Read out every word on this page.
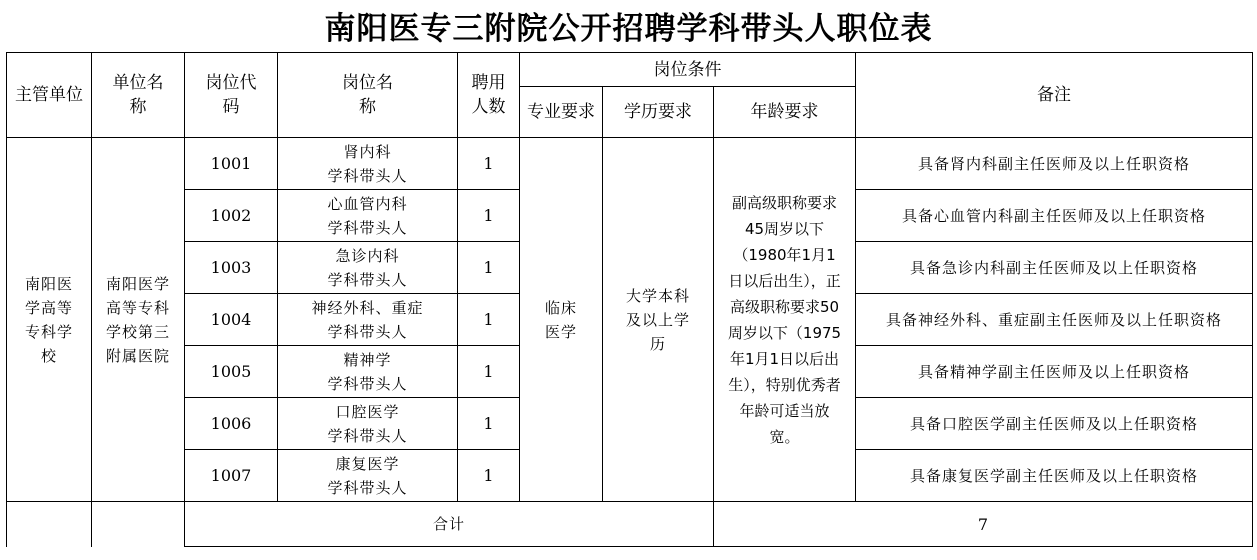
南阳医专三附院公开招聘学科带头人职位表
主管单位	单位名称	岗位代码	岗位名称	聘用人数	岗位条件			备注
					专业要求	学历要求	年龄要求	
南阳医学高等专科学校	南阳医学高等专科学校第三附属医院	1001	肾内科
学科带头人	1	临床医学	大学本科及以上学历	副高级职称要求45周岁以下（1980年1月1日以后出生），正高级职称要求50周岁以下（1975年1月1日以后出生），特别优秀者年龄可适当放宽。	具备肾内科副主任医师及以上任职资格
		1002	心血管内科
学科带头人	1				具备心血管内科副主任医师及以上任职资格
		1003	急诊内科
学科带头人	1				具备急诊内科副主任医师及以上任职资格
		1004	神经外科、重症
学科带头人	1				具备神经外科、重症副主任医师及以上任职资格
		1005	精神学
学科带头人	1				具备精神学副主任医师及以上任职资格
		1006	口腔医学
学科带头人	1				具备口腔医学副主任医师及以上任职资格
		1007	康复医学
学科带头人	1				具备康复医学副主任医师及以上任职资格
		合计					7	
